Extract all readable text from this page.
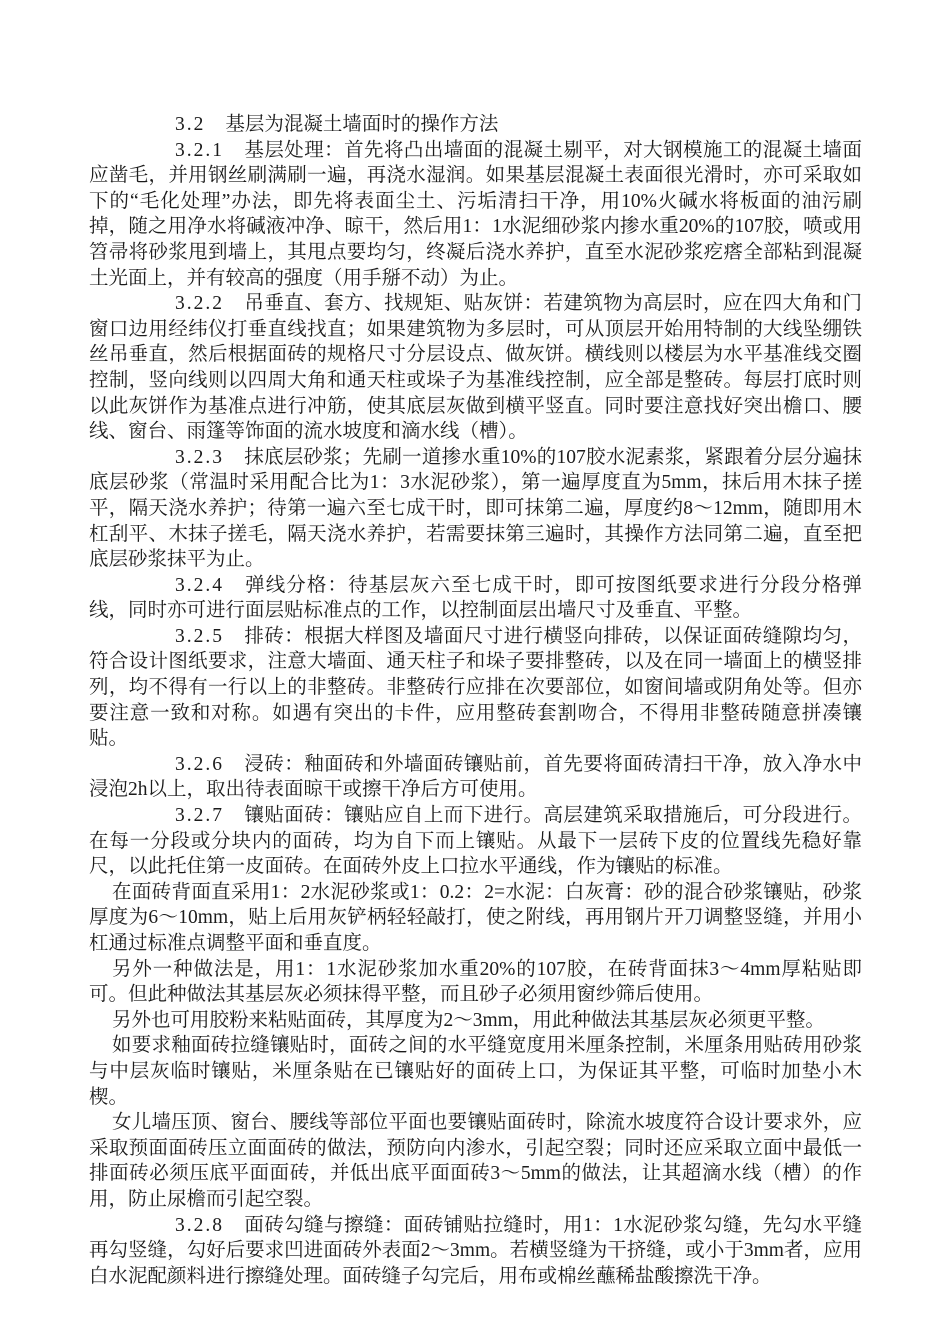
3.2 基层为混凝土墙面时的操作方法

3.2.1 基层处理：首先将凸出墙面的混凝土剔平，对大钢模施工的混凝土墙面应凿毛，并用钢丝刷满刷一遍，再浇水湿润。如果基层混凝土表面很光滑时，亦可采取如下的“毛化处理”办法，即先将表面尘土、污垢清扫干净，用10%火碱水将板面的油污刷掉，随之用净水将碱液冲净、晾干，然后用1：1水泥细砂浆内掺水重20%的107胶，喷或用笤帚将砂浆甩到墙上，其甩点要均匀，终凝后浇水养护，直至水泥砂浆疙瘩全部粘到混凝土光面上，并有较高的强度（用手掰不动）为止。

3.2.2 吊垂直、套方、找规矩、贴灰饼：若建筑物为高层时，应在四大角和门窗口边用经纬仪打垂直线找直；如果建筑物为多层时，可从顶层开始用特制的大线坠绷铁丝吊垂直，然后根据面砖的规格尺寸分层设点、做灰饼。横线则以楼层为水平基准线交圈控制，竖向线则以四周大角和通天柱或垛子为基准线控制，应全部是整砖。每层打底时则以此灰饼作为基准点进行冲筋，使其底层灰做到横平竖直。同时要注意找好突出檐口、腰线、窗台、雨篷等饰面的流水坡度和滴水线（槽）。

3.2.3 抹底层砂浆；先刷一道掺水重10%的107胶水泥素浆，紧跟着分层分遍抹底层砂浆（常温时采用配合比为1：3水泥砂浆），第一遍厚度直为5mm，抹后用木抹子搓平，隔天浇水养护；待第一遍六至七成干时，即可抹第二遍，厚度约8～12mm，随即用木杠刮平、木抹子搓毛，隔天浇水养护，若需要抹第三遍时，其操作方法同第二遍，直至把底层砂浆抹平为止。

3.2.4 弹线分格：待基层灰六至七成干时，即可按图纸要求进行分段分格弹线，同时亦可进行面层贴标准点的工作，以控制面层出墙尺寸及垂直、平整。

3.2.5 排砖：根据大样图及墙面尺寸进行横竖向排砖，以保证面砖缝隙均匀，符合设计图纸要求，注意大墙面、通天柱子和垛子要排整砖，以及在同一墙面上的横竖排列，均不得有一行以上的非整砖。非整砖行应排在次要部位，如窗间墙或阴角处等。但亦要注意一致和对称。如遇有突出的卡件，应用整砖套割吻合，不得用非整砖随意拼凑镶贴。

3.2.6 浸砖：釉面砖和外墙面砖镶贴前，首先要将面砖清扫干净，放入净水中浸泡2h以上，取出待表面晾干或擦干净后方可使用。

3.2.7 镶贴面砖：镶贴应自上而下进行。高层建筑采取措施后，可分段进行。在每一分段或分块内的面砖，均为自下而上镶贴。从最下一层砖下皮的位置线先稳好靠尺，以此托住第一皮面砖。在面砖外皮上口拉水平通线，作为镶贴的标准。

在面砖背面直采用1：2水泥砂浆或1：0.2：2=水泥：白灰膏：砂的混合砂浆镶贴，砂浆厚度为6～10mm，贴上后用灰铲柄轻轻敲打，使之附线，再用钢片开刀调整竖缝，并用小杠通过标准点调整平面和垂直度。

另外一种做法是，用1：1水泥砂浆加水重20%的107胶，在砖背面抹3～4mm厚粘贴即可。但此种做法其基层灰必须抹得平整，而且砂子必须用窗纱筛后使用。

另外也可用胶粉来粘贴面砖，其厚度为2～3mm，用此种做法其基层灰必须更平整。

如要求釉面砖拉缝镶贴时，面砖之间的水平缝宽度用米厘条控制，米厘条用贴砖用砂浆与中层灰临时镶贴，米厘条贴在已镶贴好的面砖上口，为保证其平整，可临时加垫小木楔。

女儿墙压顶、窗台、腰线等部位平面也要镶贴面砖时，除流水坡度符合设计要求外，应采取预面面砖压立面面砖的做法，预防向内渗水，引起空裂；同时还应采取立面中最低一排面砖必须压底平面面砖，并低出底平面面砖3～5mm的做法，让其超滴水线（槽）的作用，防止尿檐而引起空裂。

3.2.8 面砖勾缝与擦缝：面砖铺贴拉缝时，用1：1水泥砂浆勾缝，先勾水平缝再勾竖缝，勾好后要求凹进面砖外表面2～3mm。若横竖缝为干挤缝，或小于3mm者，应用白水泥配颜料进行擦缝处理。面砖缝子勾完后，用布或棉丝蘸稀盐酸擦洗干净。
